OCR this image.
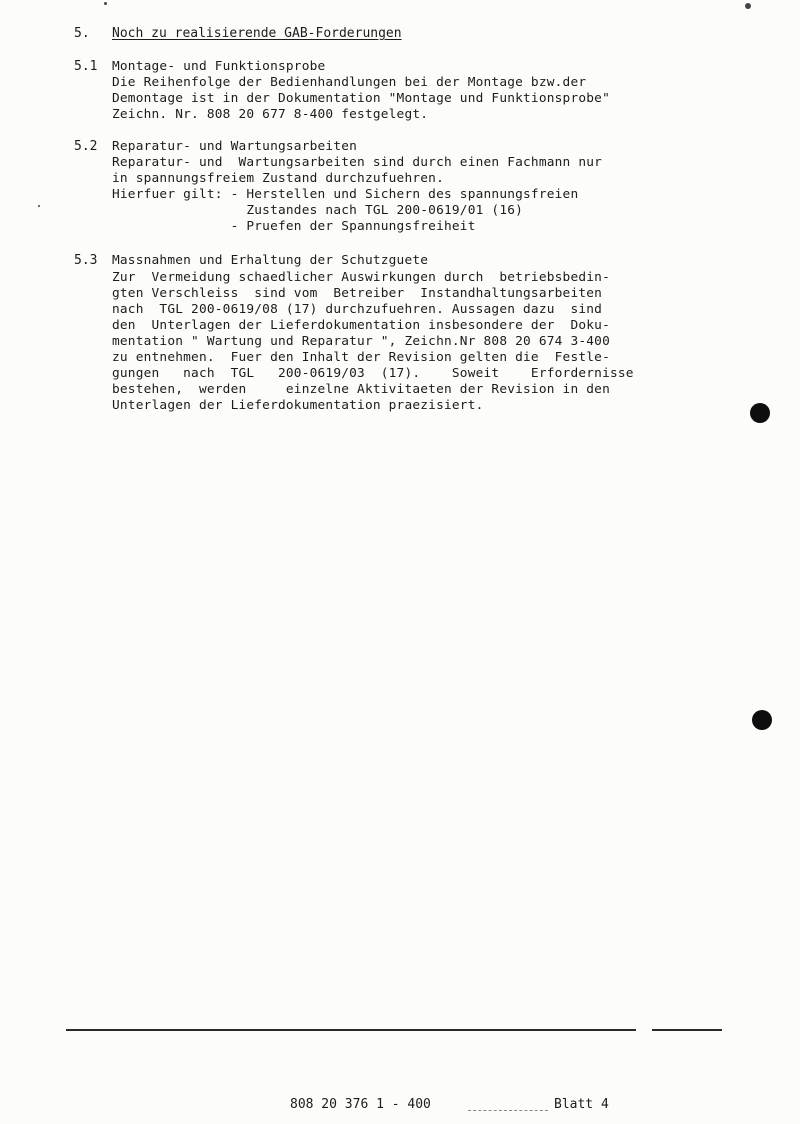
5. Noch zu realisierende GAB-Forderungen
5.1 Montage- und Funktionsprobe
Die Reihenfolge der Bedienhandlungen bei der Montage bzw.der
Demontage ist in der Dokumentation "Montage und Funktionsprobe"
Zeichn. Nr. 808 20 677 8-400 festgelegt.
5.2 Reparatur- und Wartungsarbeiten
Reparatur- und  Wartungsarbeiten sind durch einen Fachmann nur
in spannungsfreiem Zustand durchzufuehren.
Hierfuer gilt: - Herstellen und Sichern des spannungsfreien
Zustandes nach TGL 200-0619/01 (16)
- Pruefen der Spannungsfreiheit
5.3 Massnahmen und Erhaltung der Schutzguete
Zur  Vermeidung schaedlicher Auswirkungen durch  betriebsbedin-
gten Verschleiss  sind vom  Betreiber  Instandhaltungsarbeiten
nach  TGL 200-0619/08 (17) durchzufuehren. Aussagen dazu  sind
den  Unterlagen der Lieferdokumentation insbesondere der  Doku-
mentation " Wartung und Reparatur ", Zeichn.Nr 808 20 674 3-400
zu entnehmen.  Fuer den Inhalt der Revision gelten die  Festle-
gungen   nach  TGL   200-0619/03  (17).    Soweit    Erfordernisse
bestehen,  werden     einzelne Aktivitaeten der Revision in den
Unterlagen der Lieferdokumentation praezisiert.
808 20 376 1 - 400	Blatt 4
